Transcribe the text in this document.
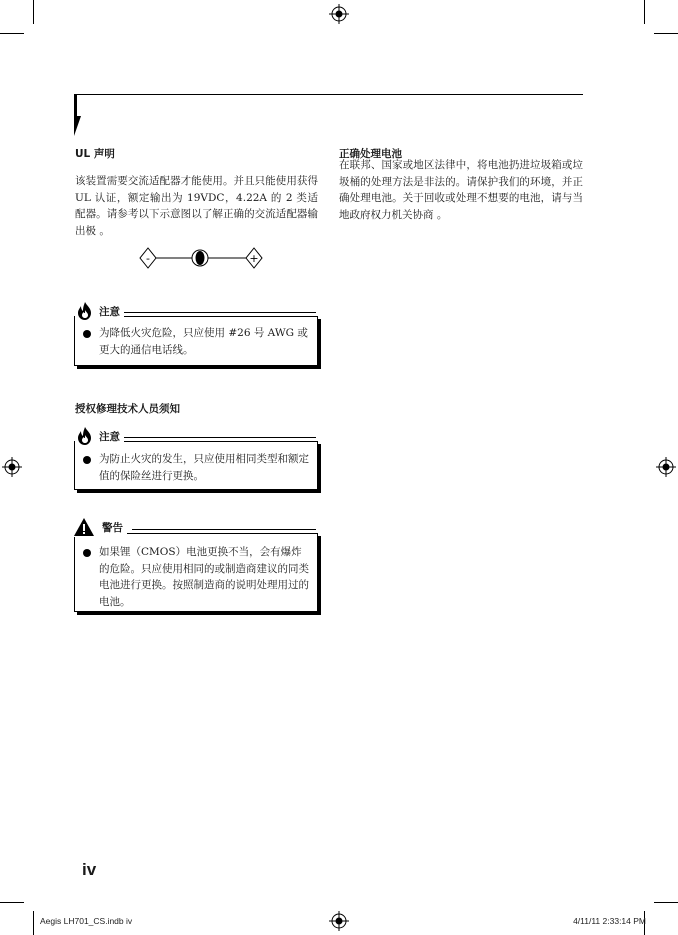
UL 声明
该装置需要交流适配器才能使用。并且只能使用获得 UL 认证，额定输出为 19VDC，4.22A 的 2 类适配器。请参考以下示意图以了解正确的交流适配器输出极 。
-	+
注意
为降低火灾危险，只应使用 #26 号 AWG 或更大的通信电话线。
授权修理技术人员须知
注意
为防止火灾的发生，只应使用相同类型和额定值的保险丝进行更换。
警告
如果锂（CMOS）电池更换不当，会有爆炸的危险。只应使用相同的或制造商建议的同类电池进行更换。按照制造商的说明处理用过的电池。
正确处理电池
在联邦、国家或地区法律中，将电池扔进垃圾箱或垃圾桶的处理方法是非法的。请保护我们的环境，并正确处理电池。关于回收或处理不想要的电池，请与当地政府权力机关协商 。
iv
Aegis LH701_CS.indb iv	4/11/11 2:33:14 PM
